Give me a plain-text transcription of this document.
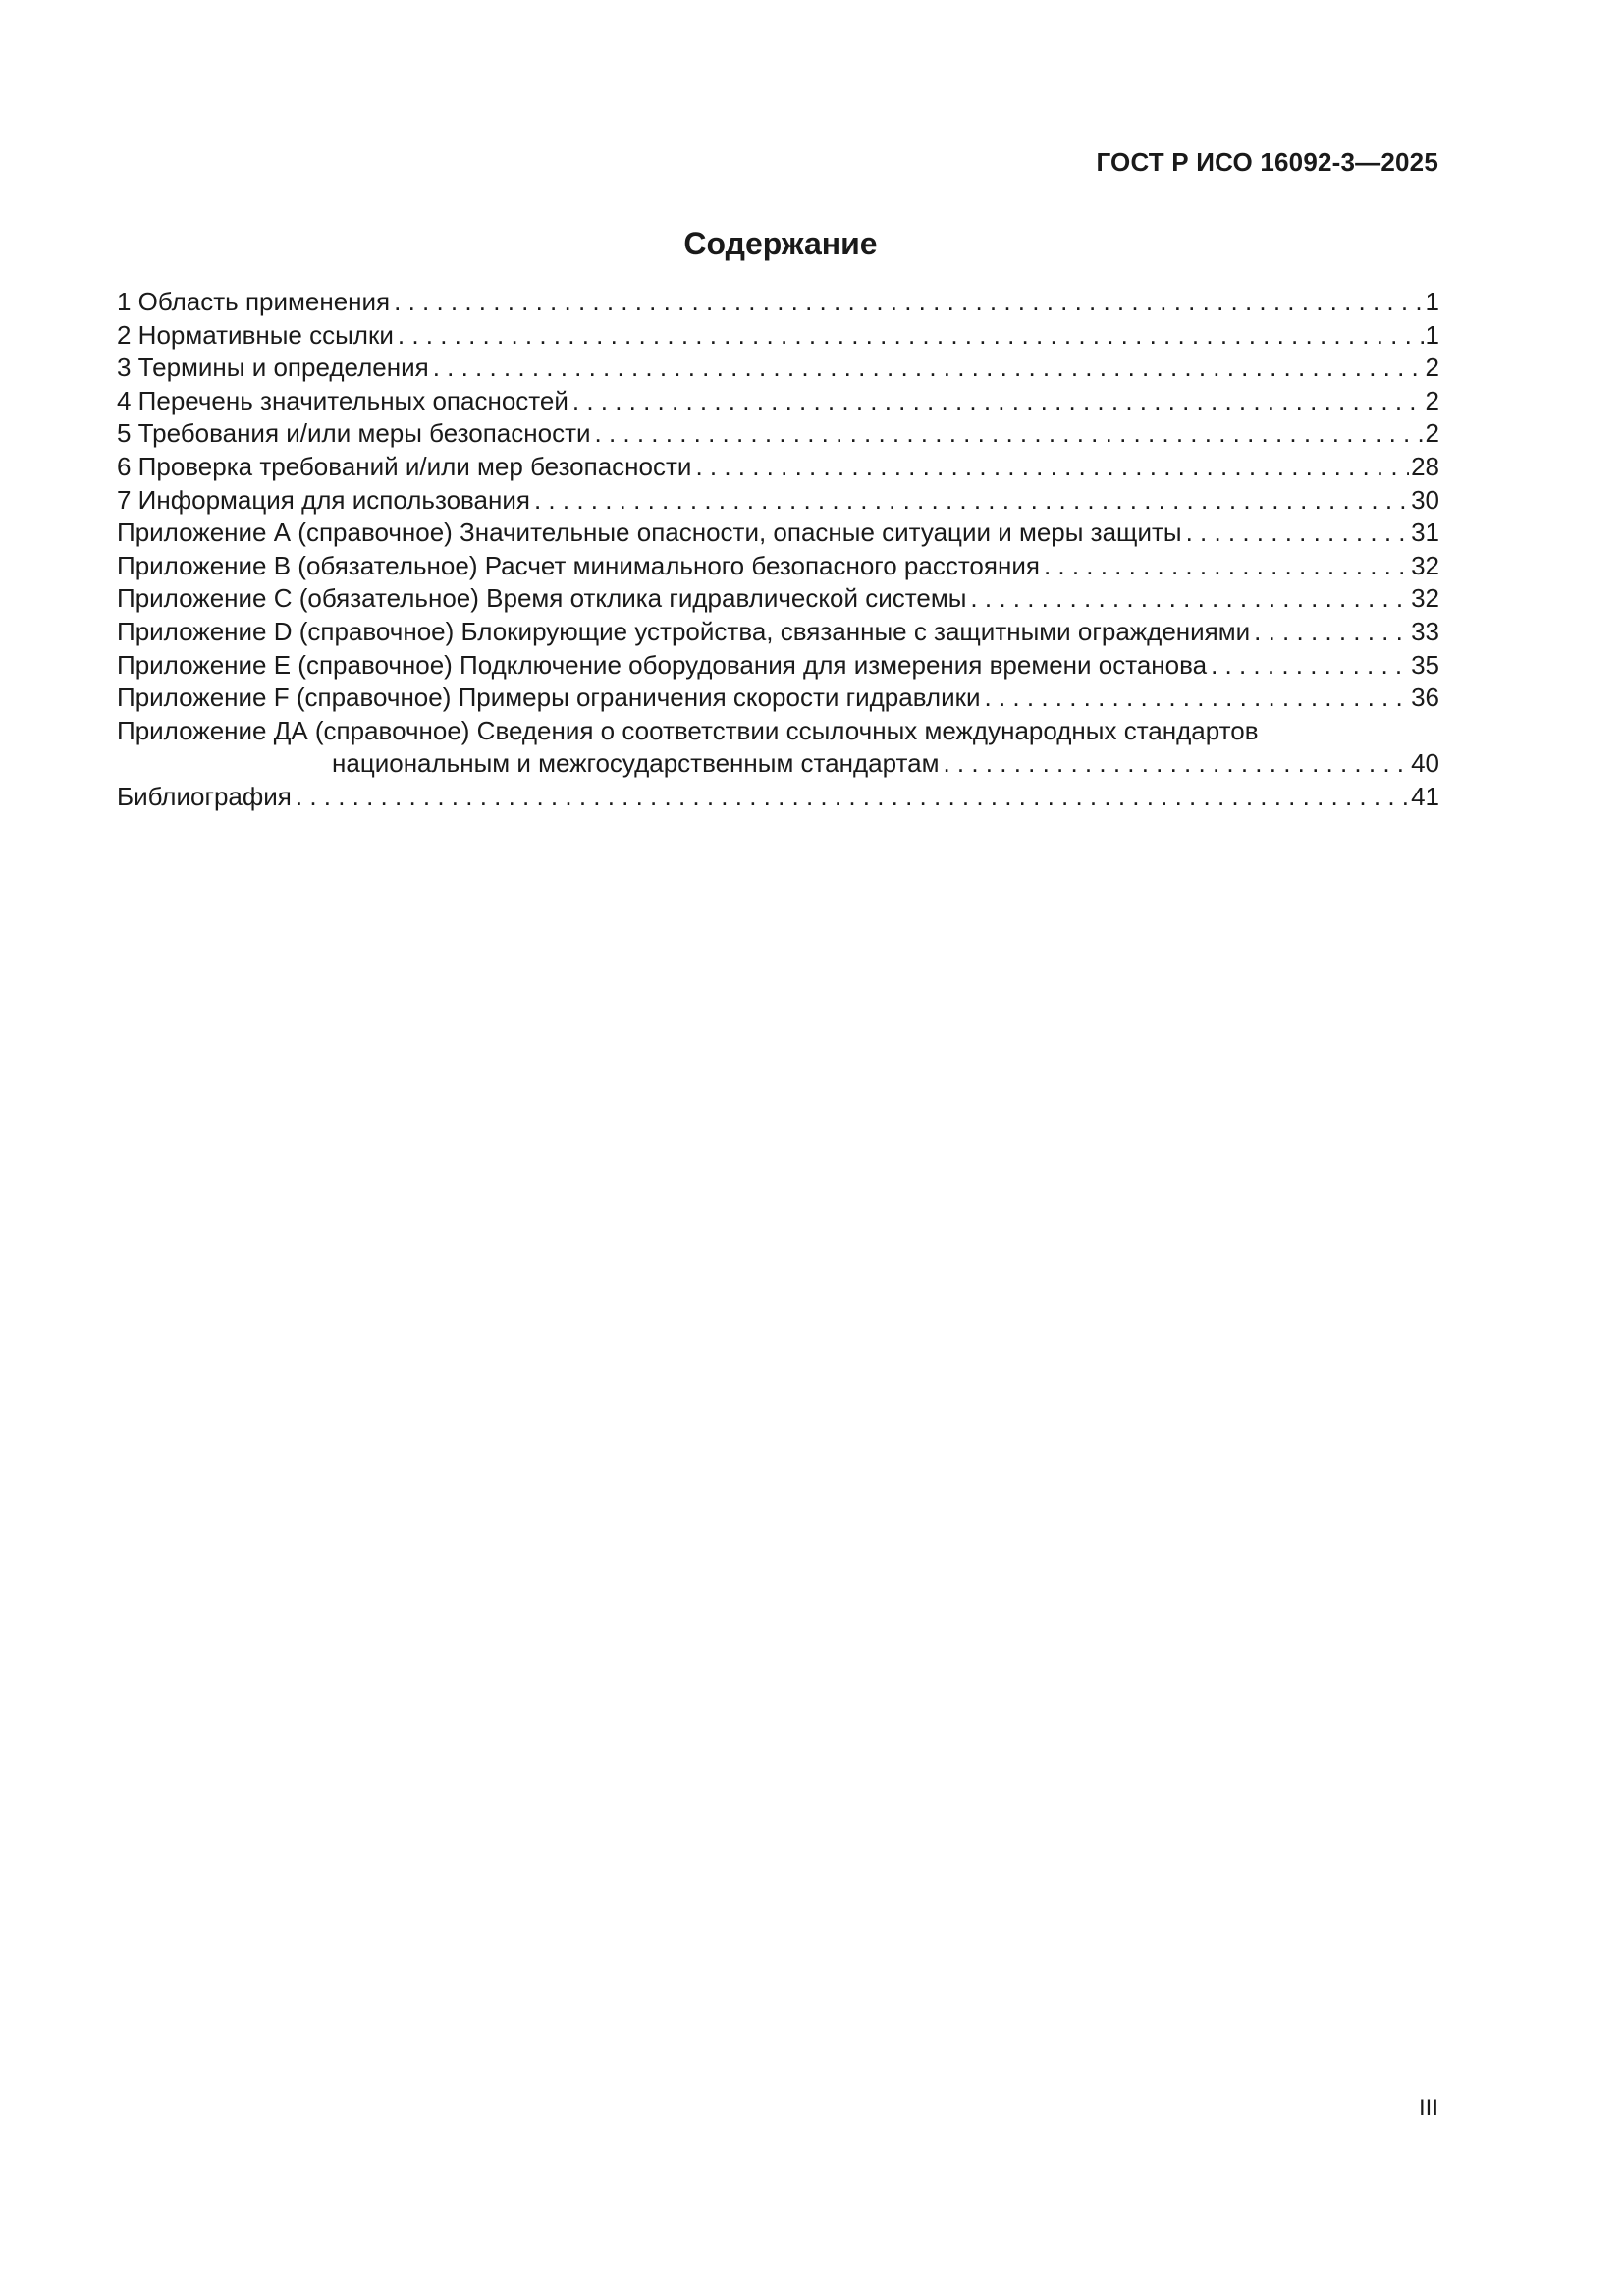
ГОСТ Р ИСО 16092-3—2025
Содержание
1 Область применения . . .	1
2 Нормативные ссылки . . .	1
3 Термины и определения . . .	2
4 Перечень значительных опасностей . . .	2
5 Требования и/или меры безопасности . . .	2
6 Проверка требований и/или мер безопасности . . .	28
7 Информация для использования . . .	30
Приложение А (справочное) Значительные опасности, опасные ситуации и меры защиты . . .	31
Приложение В (обязательное) Расчет минимального безопасного расстояния . . .	32
Приложение С (обязательное) Время отклика гидравлической системы . . .	32
Приложение D (справочное) Блокирующие устройства, связанные с защитными ограждениями . . .	33
Приложение Е (справочное) Подключение оборудования для измерения времени останова . . .	35
Приложение F (справочное) Примеры ограничения скорости гидравлики . . .	36
Приложение ДА (справочное) Сведения о соответствии ссылочных международных стандартов
национальным и межгосударственным стандартам . . .	40
Библиография . . .	41
III
